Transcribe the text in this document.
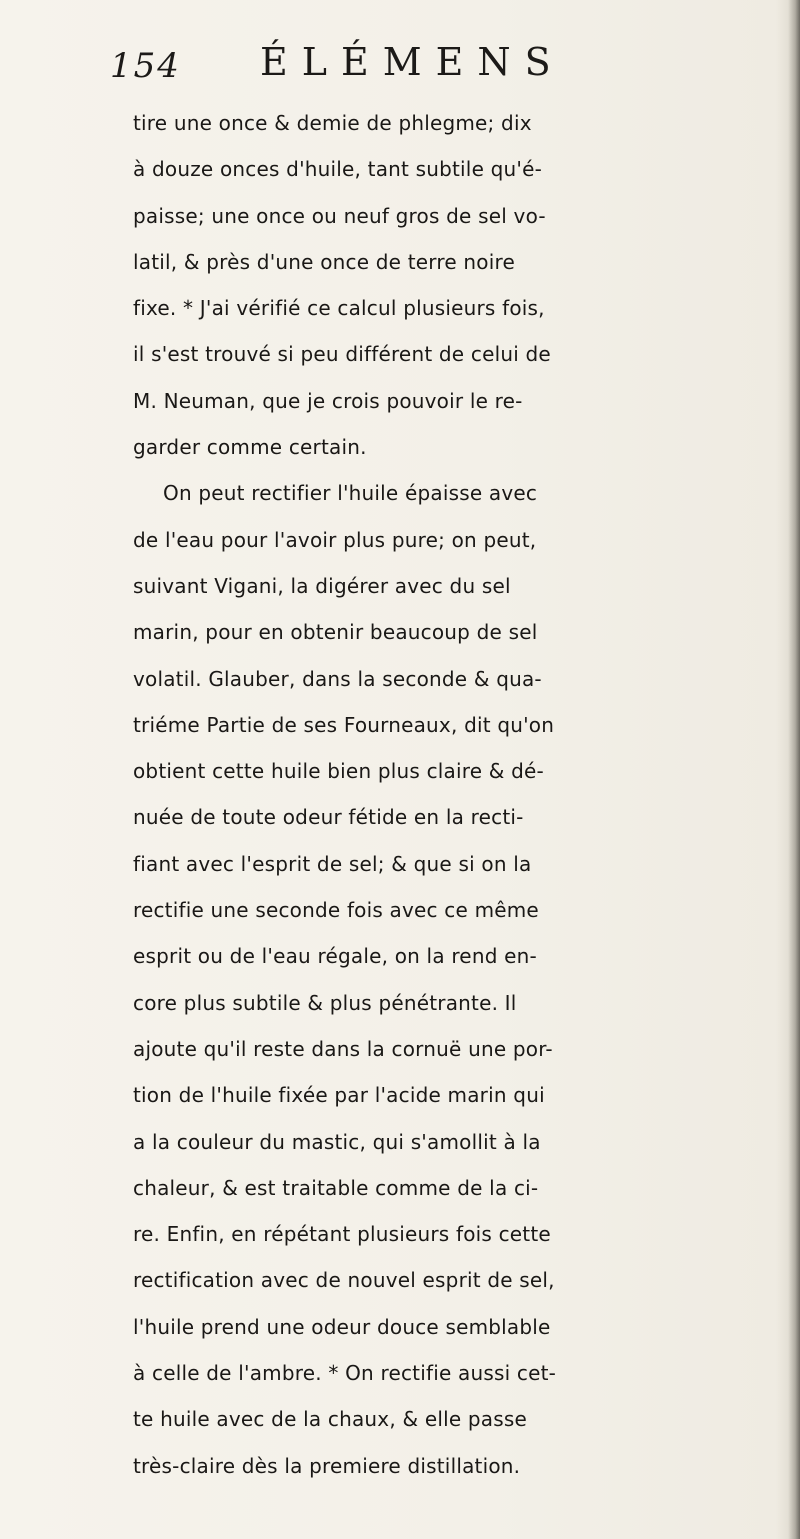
154 ÉLÉMENS
tire une once & demie de phlegme; dix
à douze onces d'huile, tant subtile qu'é-
paisse; une once ou neuf gros de sel vo-
latil, & près d'une once de terre noire
fixe. * J'ai vérifié ce calcul plusieurs fois,
il s'est trouvé si peu différent de celui de
M. Neuman, que je crois pouvoir le re-
garder comme certain.
On peut rectifier l'huile épaisse avec
de l'eau pour l'avoir plus pure; on peut,
suivant Vigani, la digérer avec du sel
marin, pour en obtenir beaucoup de sel
volatil. Glauber, dans la seconde & qua-
triéme Partie de ses Fourneaux, dit qu'on
obtient cette huile bien plus claire & dé-
nuée de toute odeur fétide en la recti-
fiant avec l'esprit de sel; & que si on la
rectifie une seconde fois avec ce même
esprit ou de l'eau régale, on la rend en-
core plus subtile & plus pénétrante. Il
ajoute qu'il reste dans la cornuë une por-
tion de l'huile fixée par l'acide marin qui
a la couleur du mastic, qui s'amollit à la
chaleur, & est traitable comme de la ci-
re. Enfin, en répétant plusieurs fois cette
rectification avec de nouvel esprit de sel,
l'huile prend une odeur douce semblable
à celle de l'ambre. * On rectifie aussi cet-
te huile avec de la chaux, & elle passe
très-claire dès la premiere distillation.
